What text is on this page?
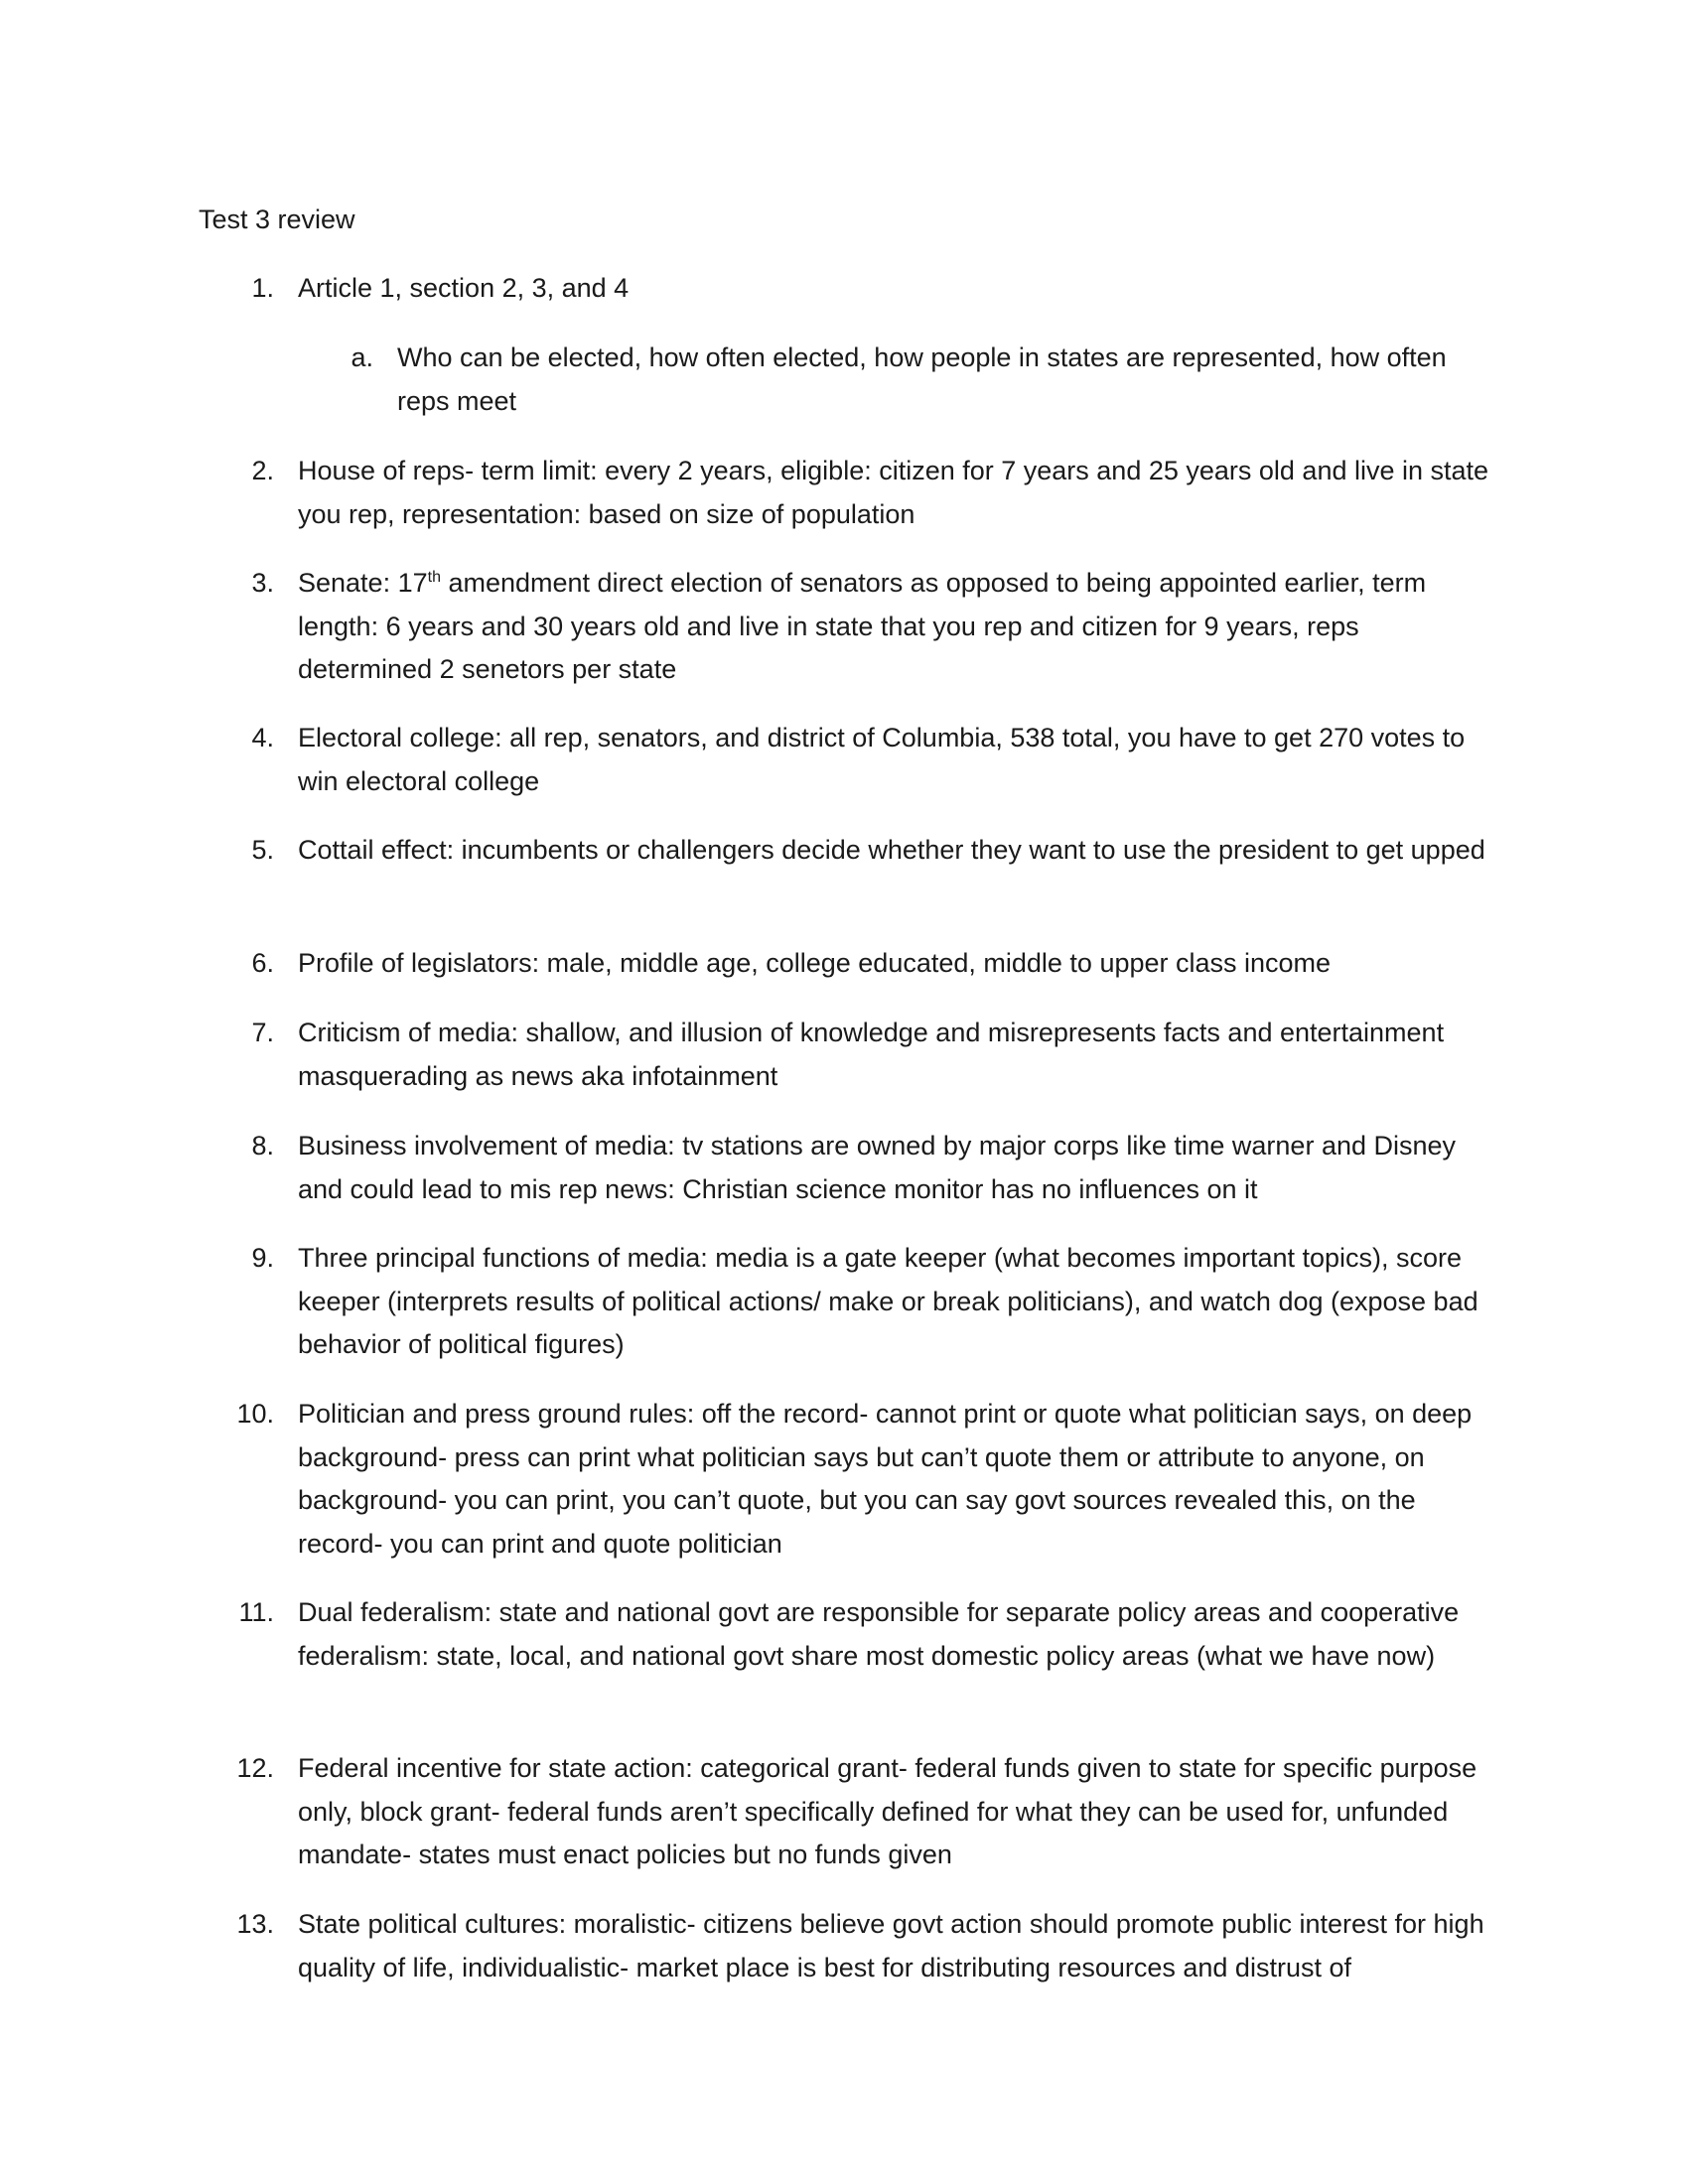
Test 3 review
1. Article 1, section 2, 3, and 4
a. Who can be elected, how often elected, how people in states are represented, how often reps meet
2. House of reps- term limit: every 2 years, eligible: citizen for 7 years and 25 years old and live in state you rep, representation: based on size of population
3. Senate: 17th amendment direct election of senators as opposed to being appointed earlier, term length: 6 years and 30 years old and live in state that you rep and citizen for 9 years, reps determined 2 senetors per state
4. Electoral college: all rep, senators, and district of Columbia, 538 total, you have to get 270 votes to win electoral college
5. Cottail effect: incumbents or challengers decide whether they want to use the president to get upped
6. Profile of legislators: male, middle age, college educated, middle to upper class income
7. Criticism of media: shallow, and illusion of knowledge and misrepresents facts and entertainment masquerading as news aka infotainment
8. Business involvement of media: tv stations are owned by major corps like time warner and Disney and could lead to mis rep news: Christian science monitor has no influences on it
9. Three principal functions of media: media is a gate keeper (what becomes important topics), score keeper (interprets results of political actions/ make or break politicians), and watch dog (expose bad behavior of political figures)
10. Politician and press ground rules: off the record- cannot print or quote what politician says, on deep background- press can print what politician says but can’t quote them or attribute to anyone, on background- you can print, you can’t quote, but you can say govt sources revealed this, on the record- you can print and quote politician
11. Dual federalism: state and national govt are responsible for separate policy areas and cooperative federalism: state, local, and national govt share most domestic policy areas (what we have now)
12. Federal incentive for state action: categorical grant- federal funds given to state for specific purpose only, block grant- federal funds aren’t specifically defined for what they can be used for, unfunded mandate- states must enact policies but no funds given
13. State political cultures: moralistic- citizens believe govt action should promote public interest for high quality of life, individualistic- market place is best for distributing resources and distrust of
